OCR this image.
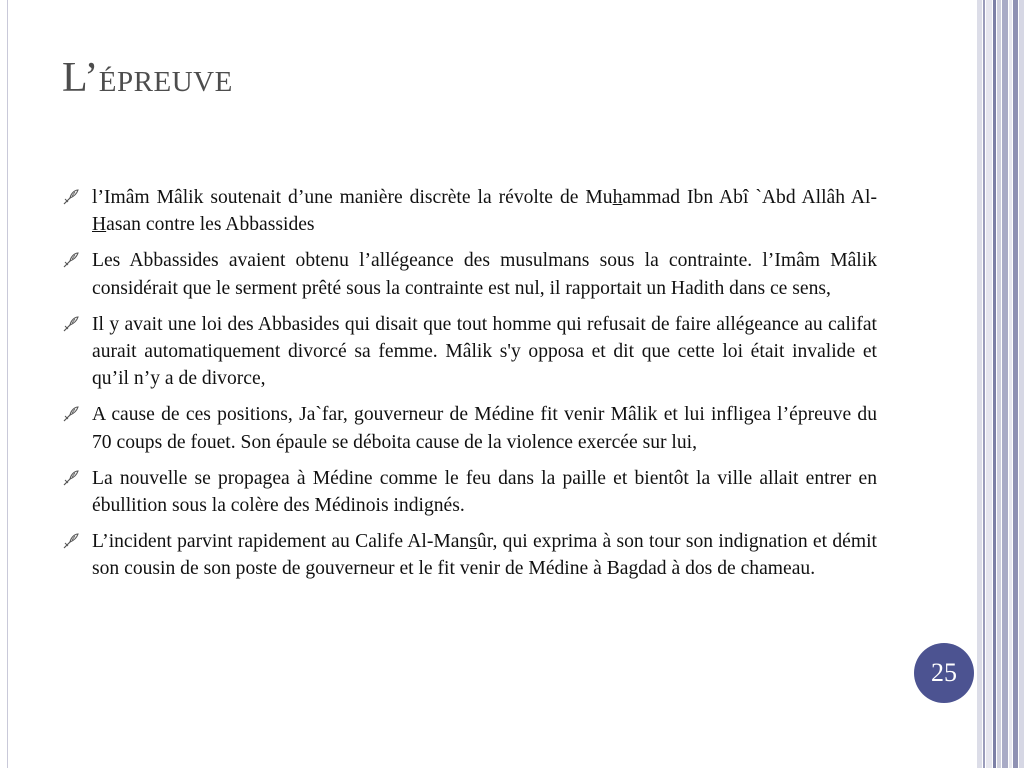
L’épreuve
l’Imâm Mâlik soutenait d’une manière discrète la révolte de Muhammad Ibn Abî `Abd Allâh Al-Hasan contre les Abbassides
Les Abbassides avaient obtenu l’allégeance des musulmans sous la contrainte. l’Imâm Mâlik considérait que le serment prêté sous la contrainte est nul, il rapportait un Hadith dans ce sens,
Il y avait une loi des Abbasides qui disait que tout homme qui refusait de faire allégeance au califat aurait automatiquement divorcé sa femme. Mâlik s'y opposa et dit que cette loi était invalide et qu’il n’y a de divorce,
A cause de ces positions, Ja`far, gouverneur de Médine fit venir Mâlik et lui infligea l’épreuve du 70 coups de fouet. Son épaule se déboita cause de la violence exercée sur lui,
La nouvelle se propagea à Médine comme le feu dans la paille et bientôt la ville allait entrer en ébullition sous la colère des Médinois indignés.
L’incident parvint rapidement au Calife Al-Mansûr, qui exprima à son tour son indignation et démit son cousin de son poste de gouverneur et le fit venir de Médine à Bagdad à dos de chameau.
25
